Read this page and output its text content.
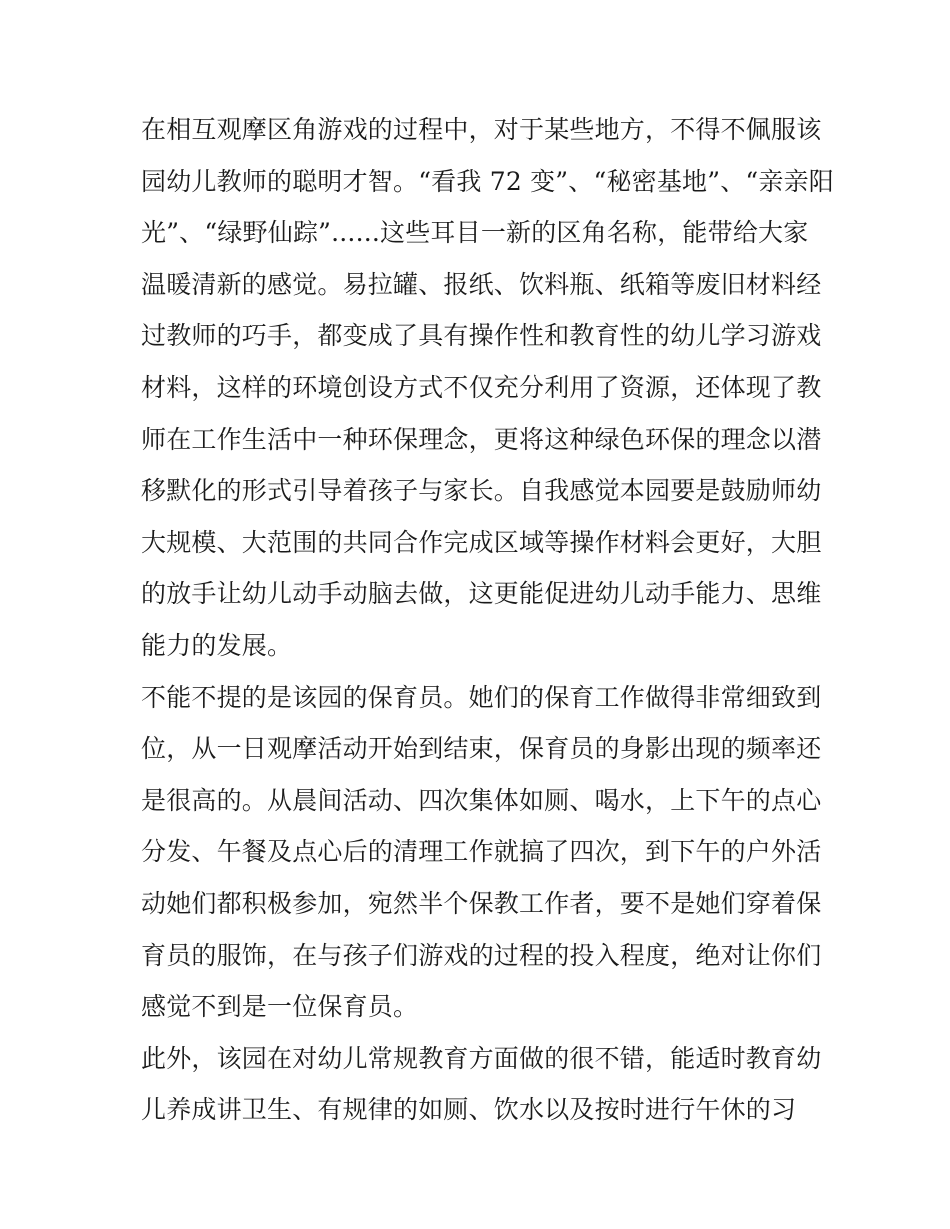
在相互观摩区角游戏的过程中，对于某些地方，不得不佩服该
园幼儿教师的聪明才智。“看我 72 变”、“秘密基地”、“亲亲阳
光”、“绿野仙踪”......这些耳目一新的区角名称，能带给大家
温暖清新的感觉。易拉罐、报纸、饮料瓶、纸箱等废旧材料经
过教师的巧手，都变成了具有操作性和教育性的幼儿学习游戏
材料，这样的环境创设方式不仅充分利用了资源，还体现了教
师在工作生活中一种环保理念，更将这种绿色环保的理念以潜
移默化的形式引导着孩子与家长。自我感觉本园要是鼓励师幼
大规模、大范围的共同合作完成区域等操作材料会更好，大胆
的放手让幼儿动手动脑去做，这更能促进幼儿动手能力、思维
能力的发展。
不能不提的是该园的保育员。她们的保育工作做得非常细致到
位，从一日观摩活动开始到结束，保育员的身影出现的频率还
是很高的。从晨间活动、四次集体如厕、喝水，上下午的点心
分发、午餐及点心后的清理工作就搞了四次，到下午的户外活
动她们都积极参加，宛然半个保教工作者，要不是她们穿着保
育员的服饰，在与孩子们游戏的过程的投入程度，绝对让你们
感觉不到是一位保育员。
此外，该园在对幼儿常规教育方面做的很不错，能适时教育幼
儿养成讲卫生、有规律的如厕、饮水以及按时进行午休的习
